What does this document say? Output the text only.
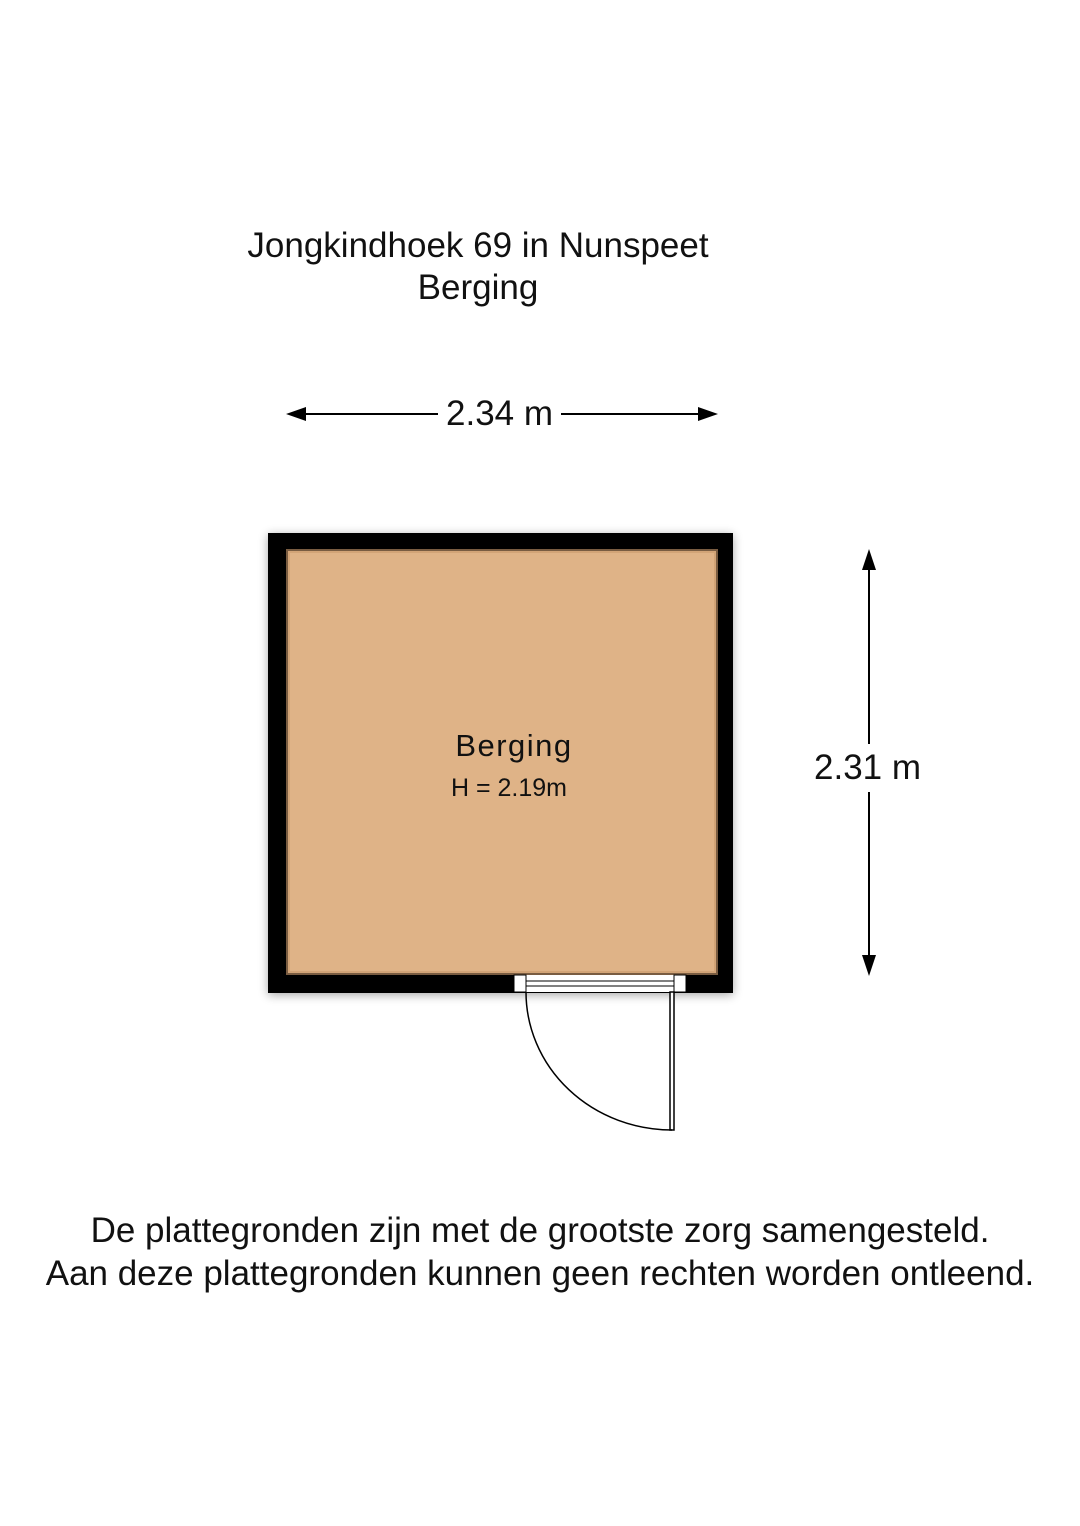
Jongkindhoek 69 in Nunspeet
Berging
2.34 m
2.31 m
Berging
H = 2.19m
De plattegronden zijn met de grootste zorg samengesteld.
Aan deze plattegronden kunnen geen rechten worden ontleend.
